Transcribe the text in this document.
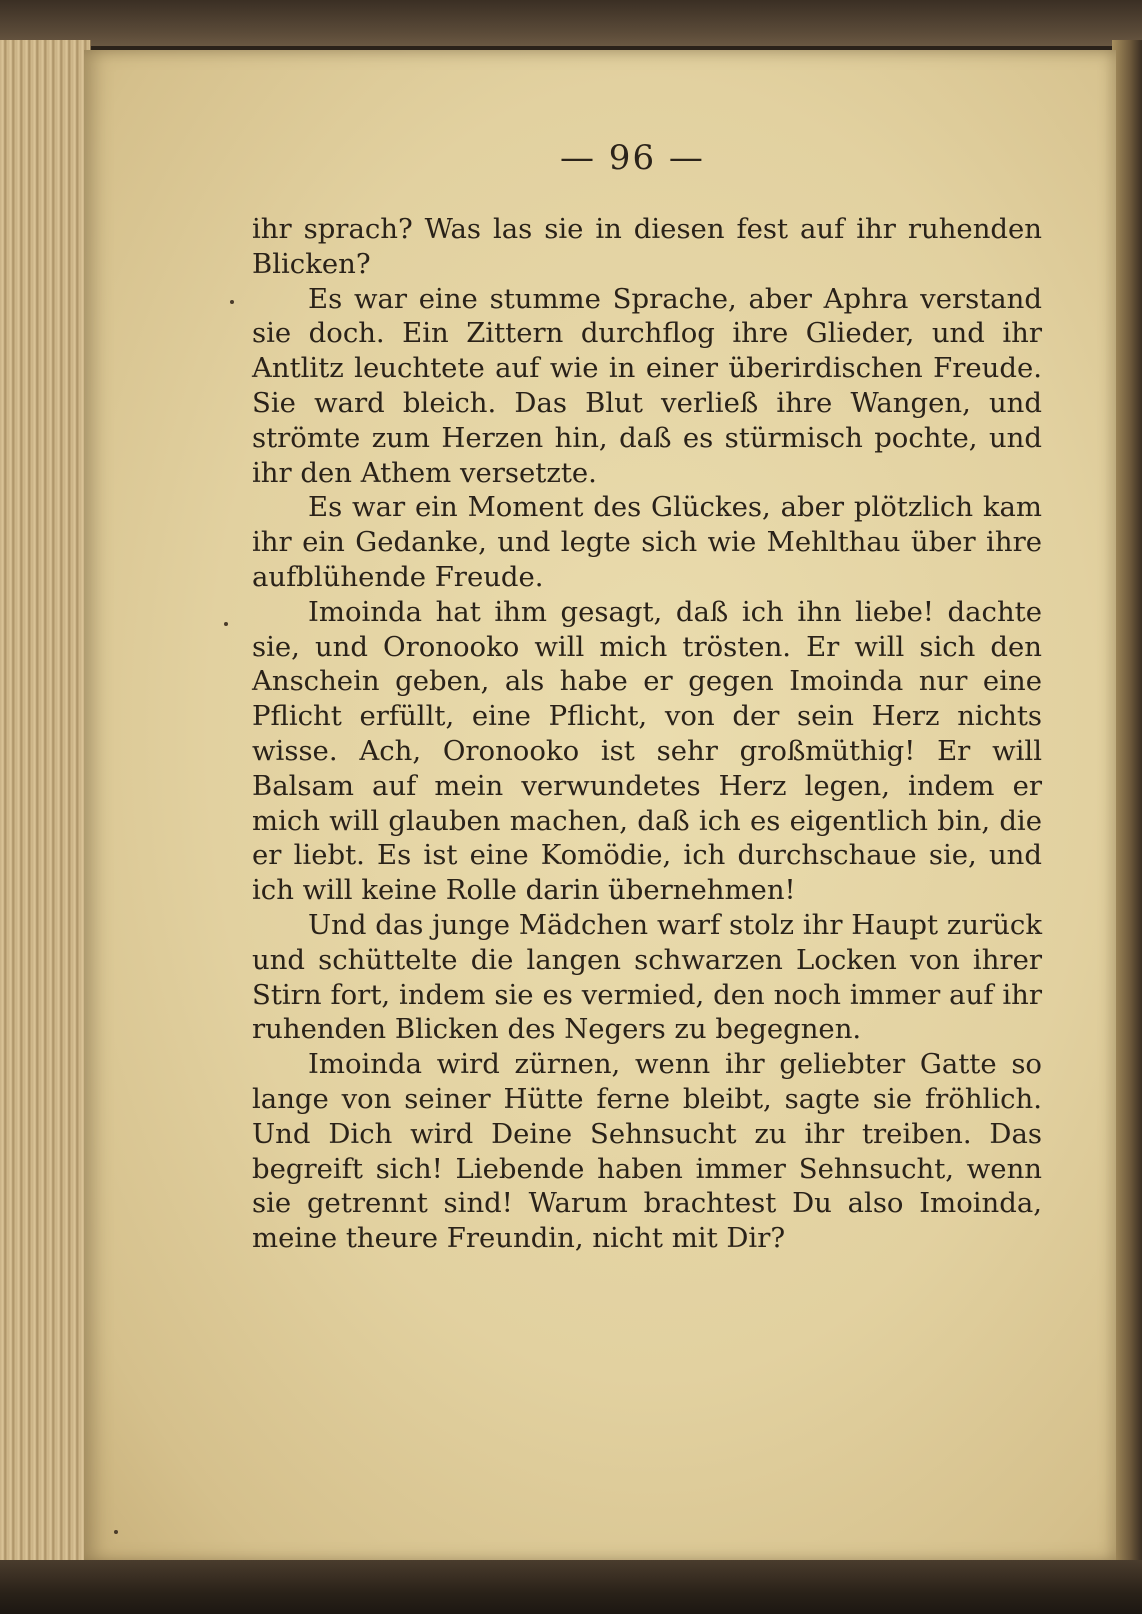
— 96 —

ihr sprach? Was las sie in diesen fest auf ihr ruhenden Blicken?

Es war eine stumme Sprache, aber Aphra verstand sie doch. Ein Zittern durchflog ihre Glieder, und ihr Antlitz leuchtete auf wie in einer überirdischen Freude. Sie ward bleich. Das Blut verließ ihre Wangen, und strömte zum Herzen hin, daß es stürmisch pochte, und ihr den Athem versetzte.

Es war ein Moment des Glückes, aber plötzlich kam ihr ein Gedanke, und legte sich wie Mehlthau über ihre aufblühende Freude.

Imoinda hat ihm gesagt, daß ich ihn liebe! dachte sie, und Oronooko will mich trösten. Er will sich den Anschein geben, als habe er gegen Imoinda nur eine Pflicht erfüllt, eine Pflicht, von der sein Herz nichts wisse. Ach, Oronooko ist sehr großmüthig! Er will Balsam auf mein verwundetes Herz legen, indem er mich will glauben machen, daß ich es eigentlich bin, die er liebt. Es ist eine Komödie, ich durchschaue sie, und ich will keine Rolle darin übernehmen!

Und das junge Mädchen warf stolz ihr Haupt zurück und schüttelte die langen schwarzen Locken von ihrer Stirn fort, indem sie es vermied, den noch immer auf ihr ruhenden Blicken des Negers zu begegnen.

Imoinda wird zürnen, wenn ihr geliebter Gatte so lange von seiner Hütte ferne bleibt, sagte sie fröhlich. Und Dich wird Deine Sehnsucht zu ihr treiben. Das begreift sich! Liebende haben immer Sehnsucht, wenn sie getrennt sind! Warum brachtest Du also Imoinda, meine theure Freundin, nicht mit Dir?
